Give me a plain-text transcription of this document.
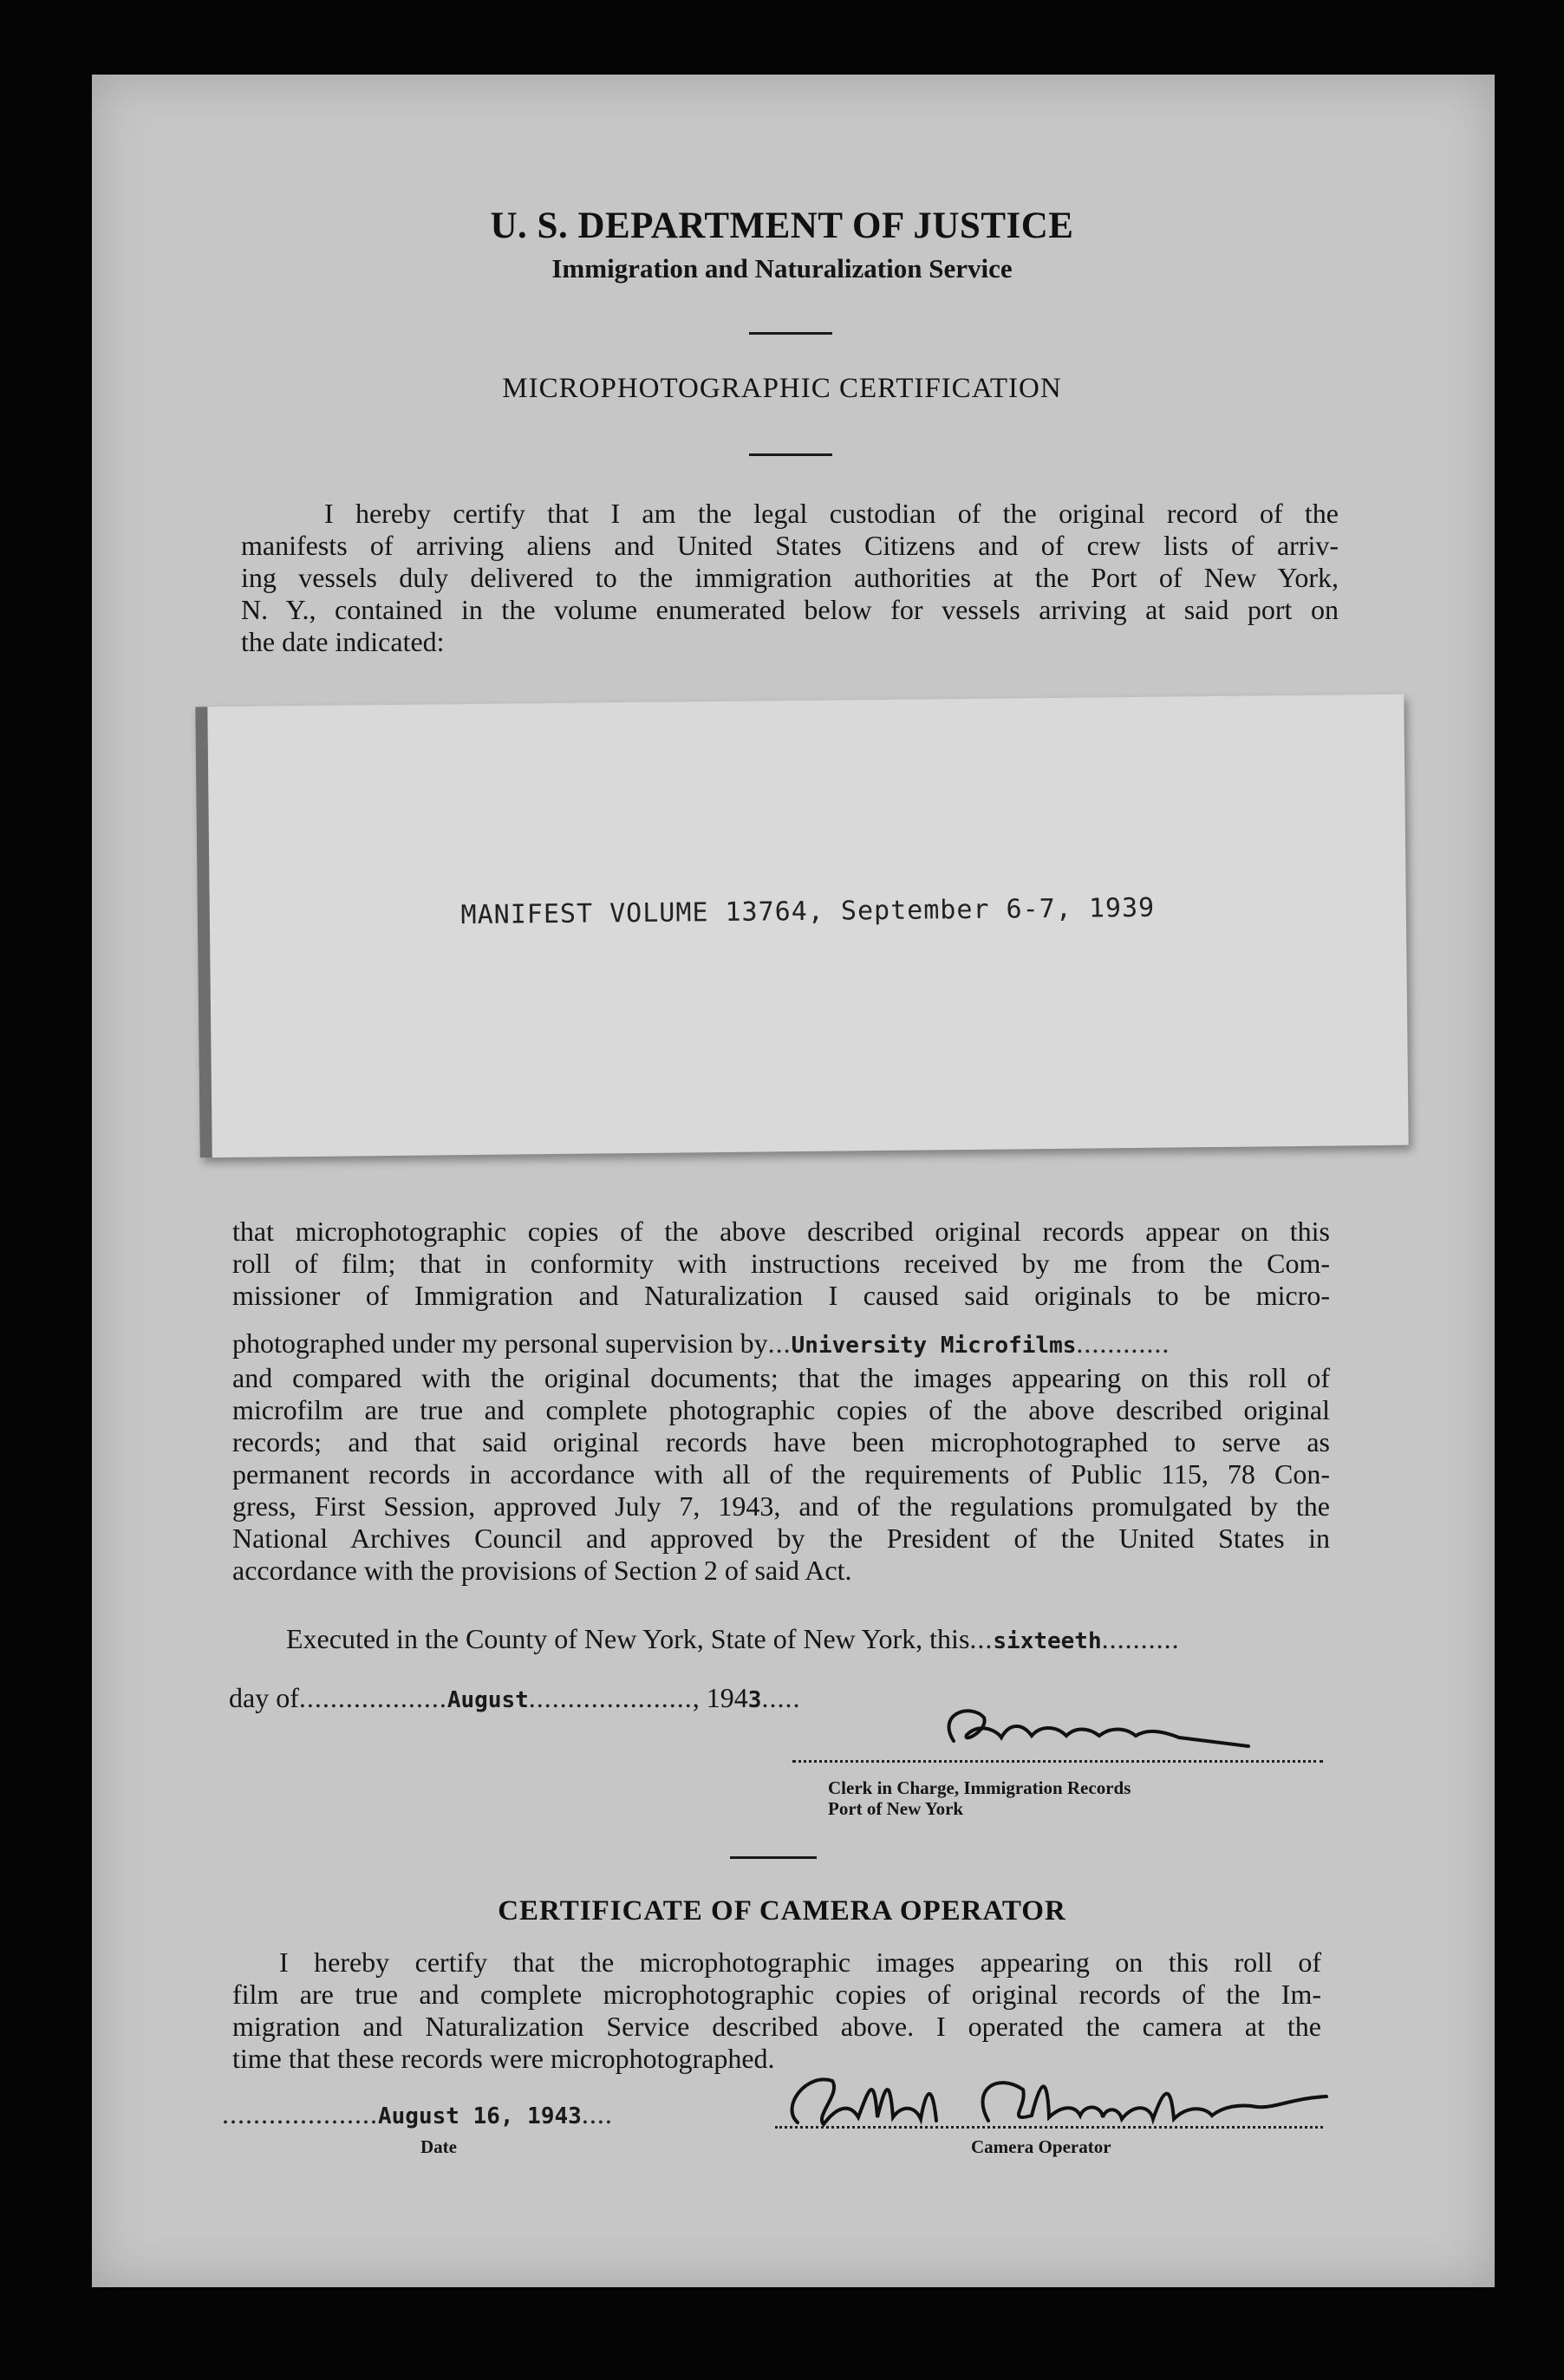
U. S. DEPARTMENT OF JUSTICE
Immigration and Naturalization Service
MICROPHOTOGRAPHIC CERTIFICATION
I hereby certify that I am the legal custodian of the original record of the
manifests of arriving aliens and United States Citizens and of crew lists of arriv-
ing vessels duly delivered to the immigration authorities at the Port of New York,
N. Y., contained in the volume enumerated below for vessels arriving at said port on
the date indicated:
MANIFEST VOLUME 13764, September 6-7, 1939
that microphotographic copies of the above described original records appear on this
roll of film; that in conformity with instructions received by me from the Com-
missioner of Immigration and Naturalization I caused said originals to be micro-
photographed under my personal supervision by...University Microfilms............
and compared with the original documents; that the images appearing on this roll of
microfilm are true and complete photographic copies of the above described original
records; and that said original records have been microphotographed to serve as
permanent records in accordance with all of the requirements of Public 115, 78 Con-
gress, First Session, approved July 7, 1943, and of the regulations promulgated by the
National Archives Council and approved by the President of the United States in
accordance with the provisions of Section 2 of said Act.
Executed in the County of New York, State of New York, this...sixteeth..........
day of...................August....................., 1943.....
Clerk in Charge, Immigration Records
Port of New York
CERTIFICATE OF CAMERA OPERATOR
I hereby certify that the microphotographic images appearing on this roll of
film are true and complete microphotographic copies of original records of the Im-
migration and Naturalization Service described above. I operated the camera at the
time that these records were microphotographed.
....................August 16, 1943....
Date	Camera Operator
